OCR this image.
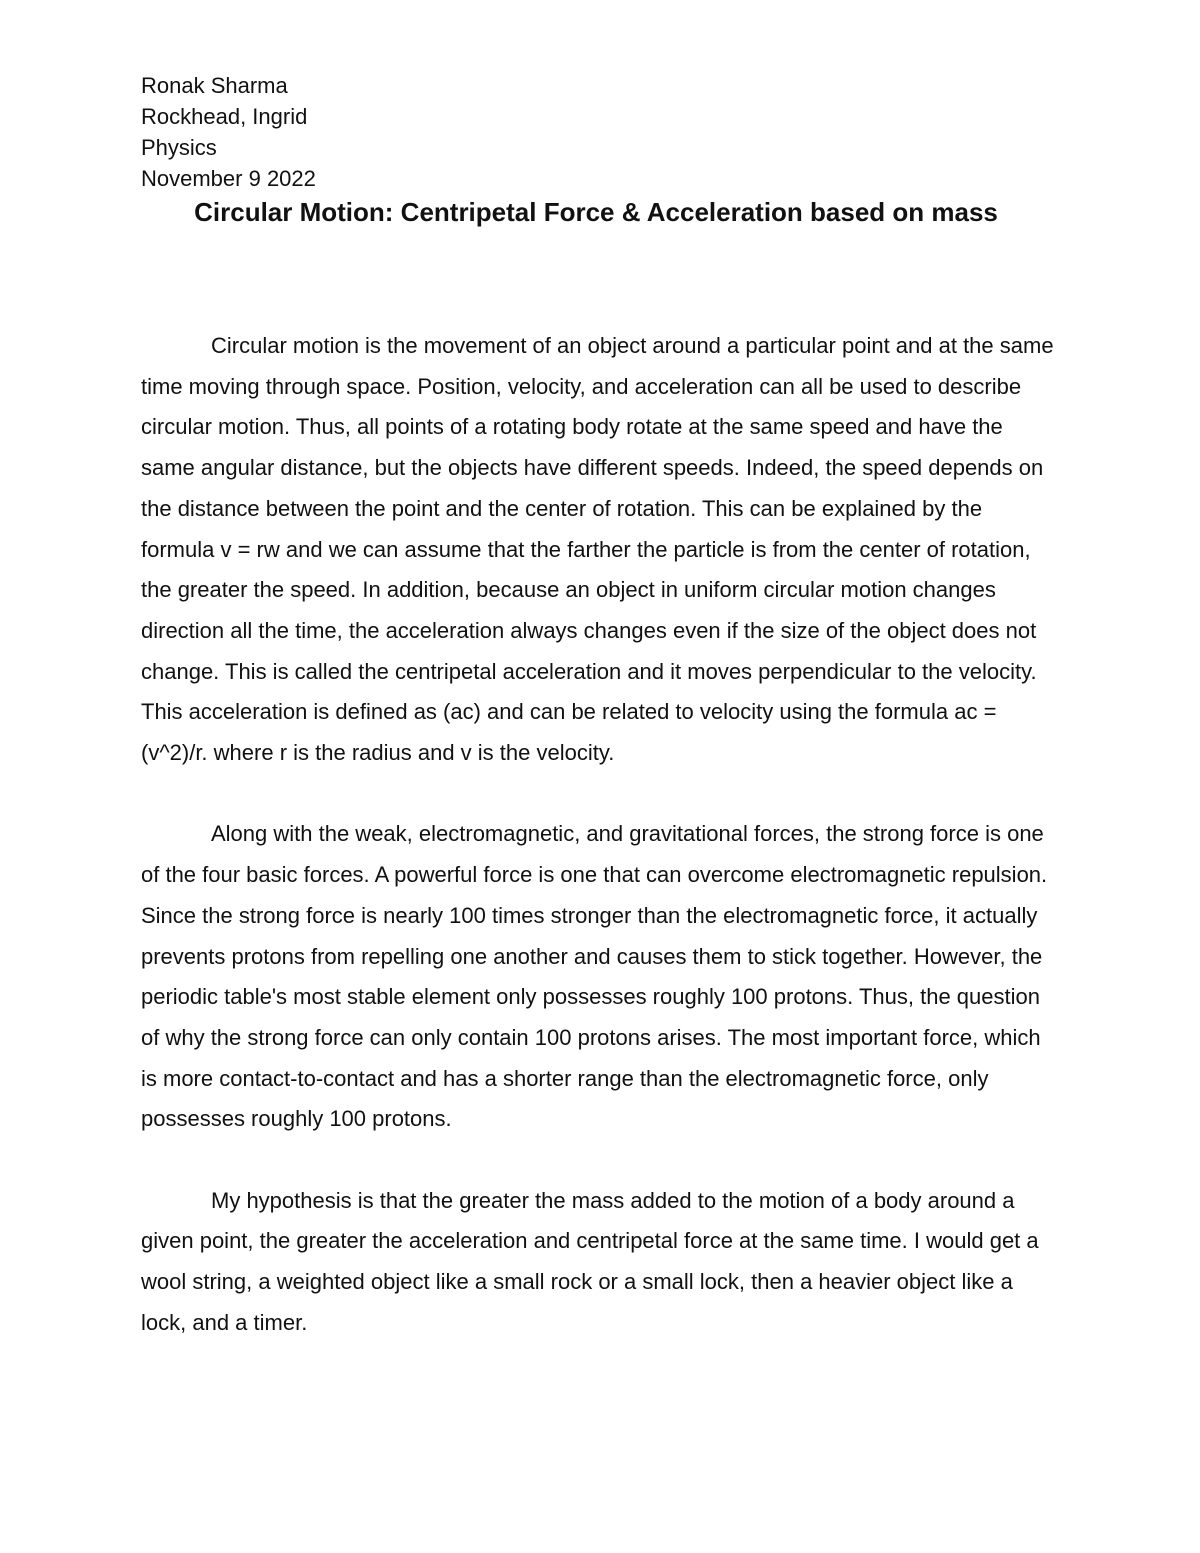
Ronak Sharma
Rockhead, Ingrid
Physics
November 9 2022
Circular Motion: Centripetal Force & Acceleration based on mass

Circular motion is the movement of an object around a particular point and at the same time moving through space. Position, velocity, and acceleration can all be used to describe circular motion. Thus, all points of a rotating body rotate at the same speed and have the same angular distance, but the objects have different speeds. Indeed, the speed depends on the distance between the point and the center of rotation. This can be explained by the formula v = rw and we can assume that the farther the particle is from the center of rotation, the greater the speed. In addition, because an object in uniform circular motion changes direction all the time, the acceleration always changes even if the size of the object does not change. This is called the centripetal acceleration and it moves perpendicular to the velocity. This acceleration is defined as (ac) and can be related to velocity using the formula ac = (v^2)/r. where r is the radius and v is the velocity.

Along with the weak, electromagnetic, and gravitational forces, the strong force is one of the four basic forces. A powerful force is one that can overcome electromagnetic repulsion. Since the strong force is nearly 100 times stronger than the electromagnetic force, it actually prevents protons from repelling one another and causes them to stick together. However, the periodic table's most stable element only possesses roughly 100 protons. Thus, the question of why the strong force can only contain 100 protons arises. The most important force, which is more contact-to-contact and has a shorter range than the electromagnetic force, only possesses roughly 100 protons.

My hypothesis is that the greater the mass added to the motion of a body around a given point, the greater the acceleration and centripetal force at the same time. I would get a wool string, a weighted object like a small rock or a small lock, then a heavier object like a lock, and a timer.
